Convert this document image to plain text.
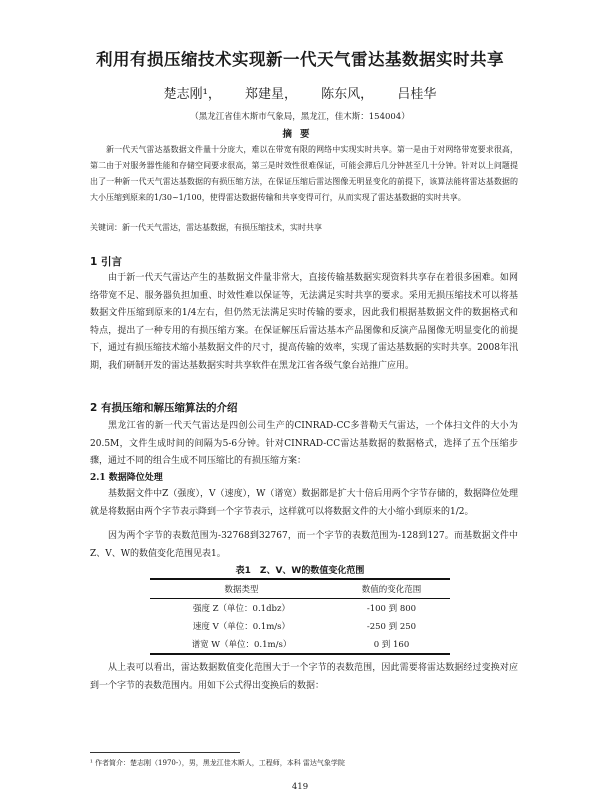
利用有损压缩技术实现新一代天气雷达基数据实时共享
楚志刚¹， 郑建星， 陈东风， 吕桂华
（黑龙江省佳木斯市气象局，黑龙江，佳木斯：154004）
摘要

新一代天气雷达基数据文件量十分庞大，难以在带宽有限的网络中实现实时共享。第一是由于对网络带宽要求很高，第二由于对服务器性能和存储空间要求很高，第三是时效性很难保证，可能会滞后几分钟甚至几十分钟。针对以上问题提出了一种新一代天气雷达基数据的有损压缩方法，在保证压缩后雷达图像无明显变化的前提下，该算法能将雷达基数据的大小压缩到原来的1/30~1/100，使得雷达数据传输和共享变得可行，从而实现了雷达基数据的实时共享。

关键词：新一代天气雷达，雷达基数据，有损压缩技术，实时共享

1 引言

由于新一代天气雷达产生的基数据文件量非常大，直接传输基数据实现资料共享存在着很多困难。如网络带宽不足、服务器负担加重、时效性难以保证等，无法满足实时共享的要求。采用无损压缩技术可以将基数据文件压缩到原来的1/4左右，但仍然无法满足实时传输的要求，因此我们根据基数据文件的数据格式和特点，提出了一种专用的有损压缩方案。在保证解压后雷达基本产品图像和反演产品图像无明显变化的前提下，通过有损压缩技术缩小基数据文件的尺寸，提高传输的效率，实现了雷达基数据的实时共享。2008年汛期，我们研制开发的雷达基数据实时共享软件在黑龙江省各级气象台站推广应用。

2 有损压缩和解压缩算法的介绍

黑龙江省的新一代天气雷达是四创公司生产的CINRAD-CC多普勒天气雷达，一个体扫文件的大小为20.5M，文件生成时间的间隔为5-6分钟。针对CINRAD-CC雷达基数据的数据格式，选择了五个压缩步骤，通过不同的组合生成不同压缩比的有损压缩方案：

2.1 数据降位处理

基数据文件中Z（强度），V（速度），W（谱宽）数据都是扩大十倍后用两个字节存储的，数据降位处理就是将数据由两个字节表示降到一个字节表示，这样就可以将数据文件的大小缩小到原来的1/2。

因为两个字节的表数范围为-32768到32767，而一个字节的表数范围为-128到127。而基数据文件中Z、V、W的数值变化范围见表1。

表1　Z、V、W的数值变化范围
数据类型	数值的变化范围
强度 Z（单位：0.1dbz）	-100 到 800
速度 V（单位：0.1m/s）	-250 到 250
谱宽 W（单位：0.1m/s）	0 到 160

从上表可以看出，雷达数据数值变化范围大于一个字节的表数范围，因此需要将雷达数据经过变换对应到一个字节的表数范围内。用如下公式得出变换后的数据：

¹ 作者简介：楚志刚（1970-），男，黑龙江佳木斯人，工程师，本科 雷达气象学院
419
